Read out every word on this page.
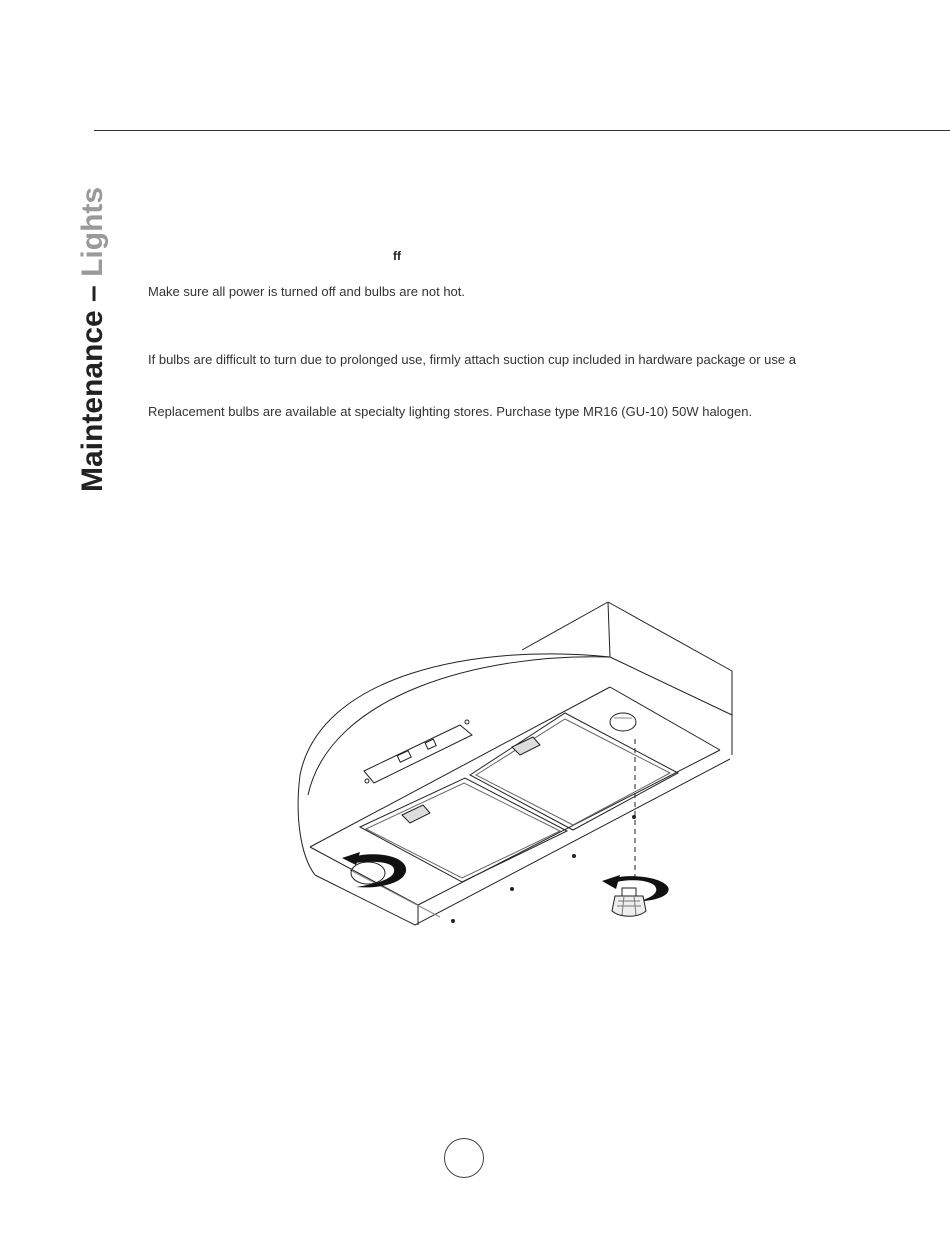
Maintenance – Lights	ff
Make sure all power is turned off and bulbs are not hot.
If bulbs are difficult to turn due to prolonged use, firmly attach suction cup included in hardware package or use a
Replacement bulbs are available at specialty lighting stores. Purchase type MR16 (GU-10) 50W halogen.
